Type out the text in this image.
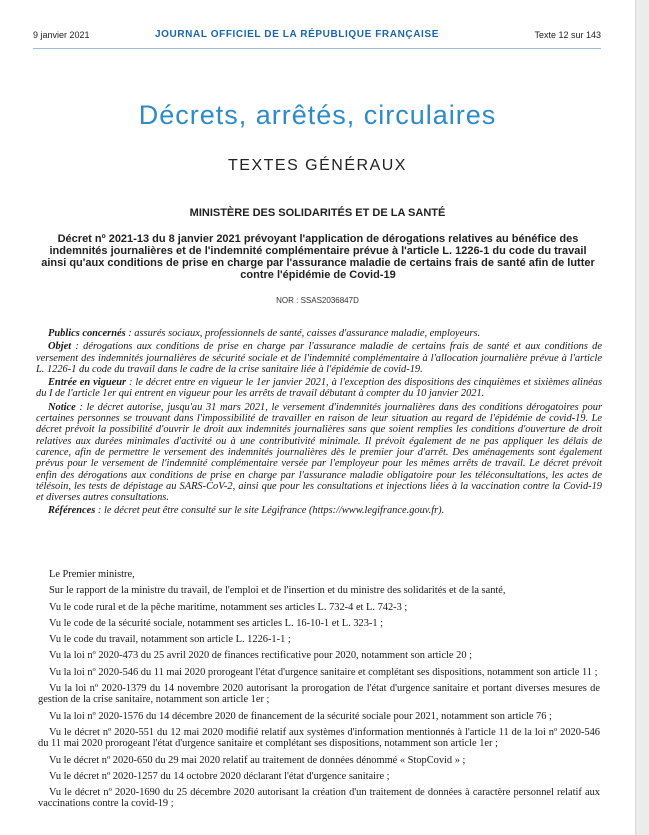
9 janvier 2021	JOURNAL OFFICIEL DE LA RÉPUBLIQUE FRANÇAISE	Texte 12 sur 143
Décrets, arrêtés, circulaires
TEXTES GÉNÉRAUX
MINISTÈRE DES SOLIDARITÉS ET DE LA SANTÉ
Décret nº 2021-13 du 8 janvier 2021 prévoyant l'application de dérogations relatives au bénéfice des indemnités journalières et de l'indemnité complémentaire prévue à l'article L. 1226-1 du code du travail ainsi qu'aux conditions de prise en charge par l'assurance maladie de certains frais de santé afin de lutter contre l'épidémie de Covid-19
NOR : SSAS2036847D

Publics concernés : assurés sociaux, professionnels de santé, caisses d'assurance maladie, employeurs.

Objet : dérogations aux conditions de prise en charge par l'assurance maladie de certains frais de santé et aux conditions de versement des indemnités journalières de sécurité sociale et de l'indemnité complémentaire à l'allocation journalière prévue à l'article L. 1226-1 du code du travail dans le cadre de la crise sanitaire liée à l'épidémie de covid-19.

Entrée en vigueur : le décret entre en vigueur le 1er janvier 2021, à l'exception des dispositions des cinquièmes et sixièmes alinéas du I de l'article 1er qui entrent en vigueur pour les arrêts de travail débutant à compter du 10 janvier 2021.

Notice : le décret autorise, jusqu'au 31 mars 2021, le versement d'indemnités journalières dans des conditions dérogatoires pour certaines personnes se trouvant dans l'impossibilité de travailler en raison de leur situation au regard de l'épidémie de covid-19. Le décret prévoit la possibilité d'ouvrir le droit aux indemnités journalières sans que soient remplies les conditions d'ouverture de droit relatives aux durées minimales d'activité ou à une contributivité minimale. Il prévoit également de ne pas appliquer les délais de carence, afin de permettre le versement des indemnités journalières dès le premier jour d'arrêt. Des aménagements sont également prévus pour le versement de l'indemnité complémentaire versée par l'employeur pour les mêmes arrêts de travail. Le décret prévoit enfin des dérogations aux conditions de prise en charge par l'assurance maladie obligatoire pour les téléconsultations, les actes de télésoin, les tests de dépistage au SARS-CoV-2, ainsi que pour les consultations et injections liées à la vaccination contre la Covid-19 et diverses autres consultations.

Références : le décret peut être consulté sur le site Légifrance (https://www.legifrance.gouv.fr).

Le Premier ministre,

Sur le rapport de la ministre du travail, de l'emploi et de l'insertion et du ministre des solidarités et de la santé,

Vu le code rural et de la pêche maritime, notamment ses articles L. 732-4 et L. 742-3 ;

Vu le code de la sécurité sociale, notamment ses articles L. 16-10-1 et L. 323-1 ;

Vu le code du travail, notamment son article L. 1226-1-1 ;

Vu la loi nº 2020-473 du 25 avril 2020 de finances rectificative pour 2020, notamment son article 20 ;

Vu la loi nº 2020-546 du 11 mai 2020 prorogeant l'état d'urgence sanitaire et complétant ses dispositions, notamment son article 11 ;

Vu la loi nº 2020-1379 du 14 novembre 2020 autorisant la prorogation de l'état d'urgence sanitaire et portant diverses mesures de gestion de la crise sanitaire, notamment son article 1er ;

Vu la loi nº 2020-1576 du 14 décembre 2020 de financement de la sécurité sociale pour 2021, notamment son article 76 ;

Vu le décret nº 2020-551 du 12 mai 2020 modifié relatif aux systèmes d'information mentionnés à l'article 11 de la loi nº 2020-546 du 11 mai 2020 prorogeant l'état d'urgence sanitaire et complétant ses dispositions, notamment son article 1er ;

Vu le décret nº 2020-650 du 29 mai 2020 relatif au traitement de données dénommé « StopCovid » ;

Vu le décret nº 2020-1257 du 14 octobre 2020 déclarant l'état d'urgence sanitaire ;

Vu le décret nº 2020-1690 du 25 décembre 2020 autorisant la création d'un traitement de données à caractère personnel relatif aux vaccinations contre la covid-19 ;
